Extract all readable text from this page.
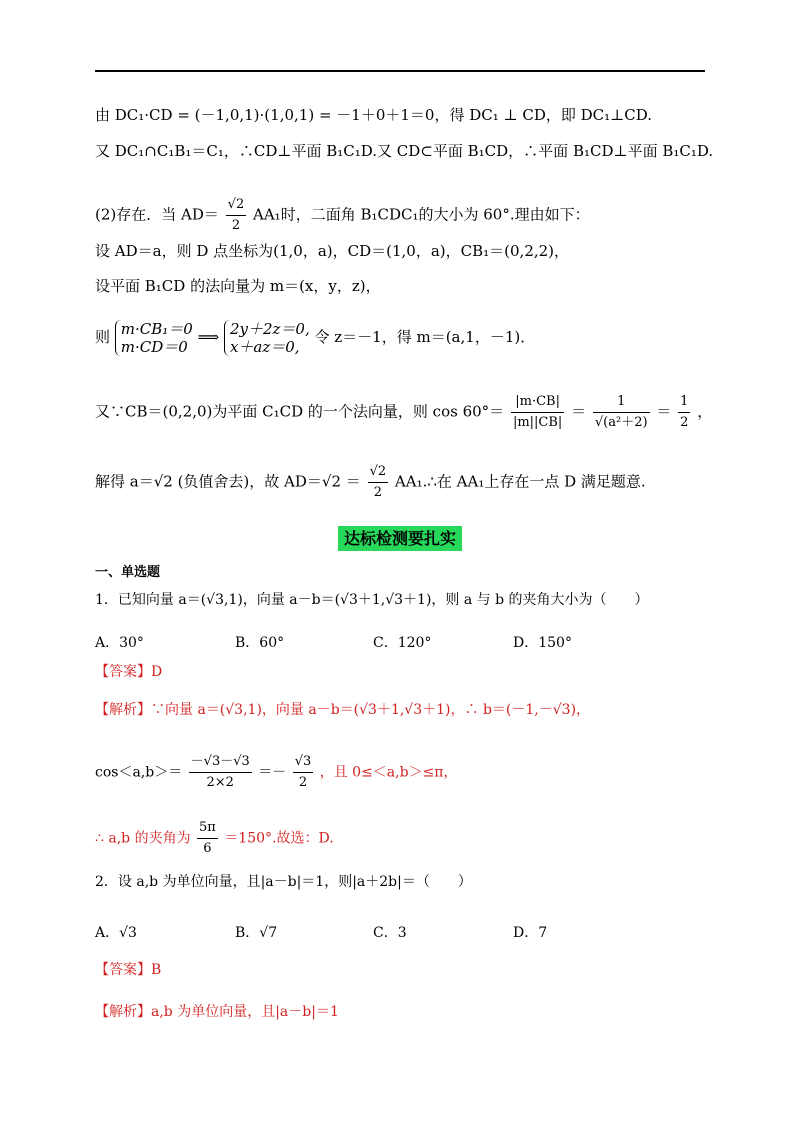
由 DC₁·CD = (－1,0,1)·(1,0,1) = －1＋0＋1＝0，得 DC₁ ⊥ CD，即 DC₁⊥CD.
又 DC₁∩C₁B₁＝C₁，∴CD⊥平面 B₁C₁D.又 CD⊂平面 B₁CD，∴平面 B₁CD⊥平面 B₁C₁D.
(2)存在．当 $AD= \frac{√2}{2} AA_1$时，二面角 B₁CDC₁的大小为 60°.理由如下：
设 AD＝a，则 D 点坐标为(1,0，a)，CD＝(1,0，a)，CB₁＝(0,2,2)，
设平面 B₁CD 的法向量为 m＝(x，y，z)，
则 m·CB₁＝0
m·CD＝0
⟹ 2y＋2z＝0,
x＋az＝0,
令 z＝－1，得 m＝(a,1，－1)．
又∵CB＝(0,2,0)为平面 C₁CD 的一个法向量，则 $\cos 60^\circ= \frac{|m\cdot CB|}{|m||CB|} = \frac{1}{\text{√(a²＋2)}} = \frac{1}{2}$ ，
解得 a＝√2 (负值舍去)，故 $AD=√2 = \frac{√2}{2}$ AA₁.∴在 AA₁上存在一点 D 满足题意.
达标检测要扎实
一、单选题
1．已知向量 a＝(√3,1)，向量 a－b＝(√3＋1,√3＋1)，则 a 与 b 的夹角大小为（　　）
A．30°	B．60°	C．120°	D．150°
【答案】D
【解析】∵向量 a＝(√3,1)，向量 a－b＝(√3＋1,√3＋1)，∴ b＝(－1,－√3)，
$\cos<a,b>= \frac{-√3-√3}{2\times 2} =- \frac{√3}{2}$ ，且 0≤＜a,b＞≤π，
∴ a,b 的夹角为 $\frac{5\pi}{6} =150^\circ$.故选：D.
2．设 a,b 为单位向量，且|a－b|＝1，则|a＋2b|＝（　　）
A．√3	B．√7	C．3	D．7
【答案】B
【解析】a,b 为单位向量，且|a－b|＝1
